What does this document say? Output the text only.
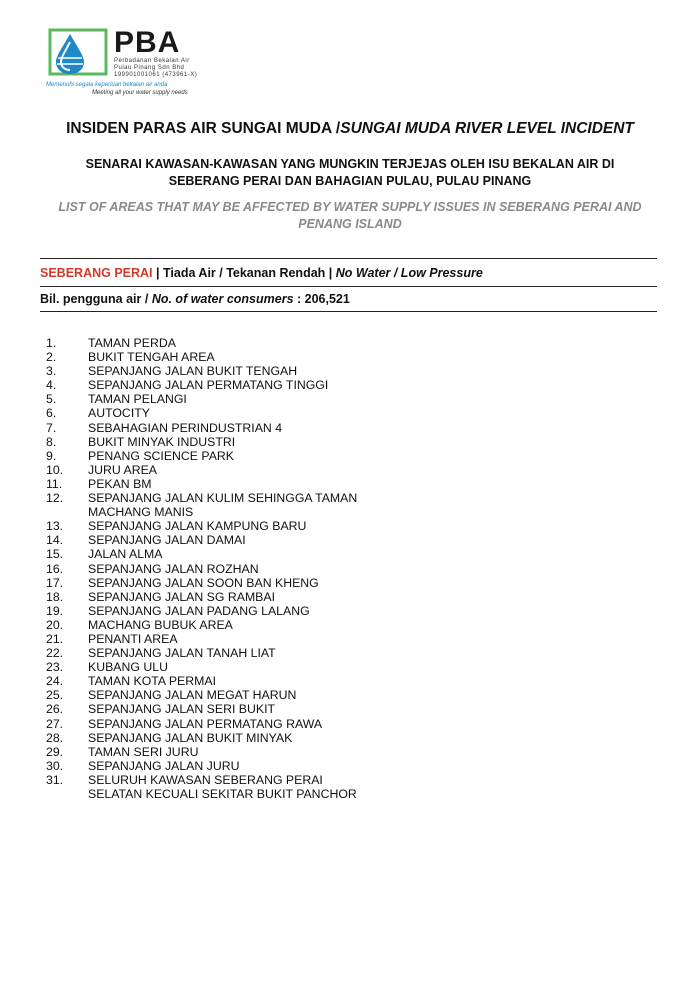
PBA
Perbadanan Bekalan Air
Pulau Pinang Sdn Bhd
199901001061 (473961-X)
Memenuhi segala keperluan bekalan air anda
Meeting all your water supply needs
INSIDEN PARAS AIR SUNGAI MUDA /SUNGAI MUDA RIVER LEVEL INCIDENT
SENARAI KAWASAN-KAWASAN YANG MUNGKIN TERJEJAS OLEH ISU BEKALAN AIR DI SEBERANG PERAI DAN BAHAGIAN PULAU, PULAU PINANG
LIST OF AREAS THAT MAY BE AFFECTED BY WATER SUPPLY ISSUES IN SEBERANG PERAI AND PENANG ISLAND
SEBERANG PERAI | Tiada Air / Tekanan Rendah | No Water / Low Pressure
Bil. pengguna air / No. of water consumers : 206,521
1.	TAMAN PERDA
2.	BUKIT TENGAH AREA
3.	SEPANJANG JALAN BUKIT TENGAH
4.	SEPANJANG JALAN PERMATANG TINGGI
5.	TAMAN PELANGI
6.	AUTOCITY
7.	SEBAHAGIAN PERINDUSTRIAN 4
8.	BUKIT MINYAK INDUSTRI
9.	PENANG SCIENCE PARK
10.	JURU AREA
11.	PEKAN BM
12.	SEPANJANG JALAN KULIM SEHINGGA TAMAN MACHANG MANIS
13.	SEPANJANG JALAN KAMPUNG BARU
14.	SEPANJANG JALAN DAMAI
15.	JALAN ALMA
16.	SEPANJANG JALAN ROZHAN
17.	SEPANJANG JALAN SOON BAN KHENG
18.	SEPANJANG JALAN SG RAMBAI
19.	SEPANJANG JALAN PADANG LALANG
20.	MACHANG BUBUK AREA
21.	PENANTI AREA
22.	SEPANJANG JALAN TANAH LIAT
23.	KUBANG ULU
24.	TAMAN KOTA PERMAI
25.	SEPANJANG JALAN MEGAT HARUN
26.	SEPANJANG JALAN SERI BUKIT
27.	SEPANJANG JALAN PERMATANG RAWA
28.	SEPANJANG JALAN BUKIT MINYAK
29.	TAMAN SERI JURU
30.	SEPANJANG JALAN JURU
31.	SELURUH KAWASAN SEBERANG PERAI SELATAN KECUALI SEKITAR BUKIT PANCHOR
